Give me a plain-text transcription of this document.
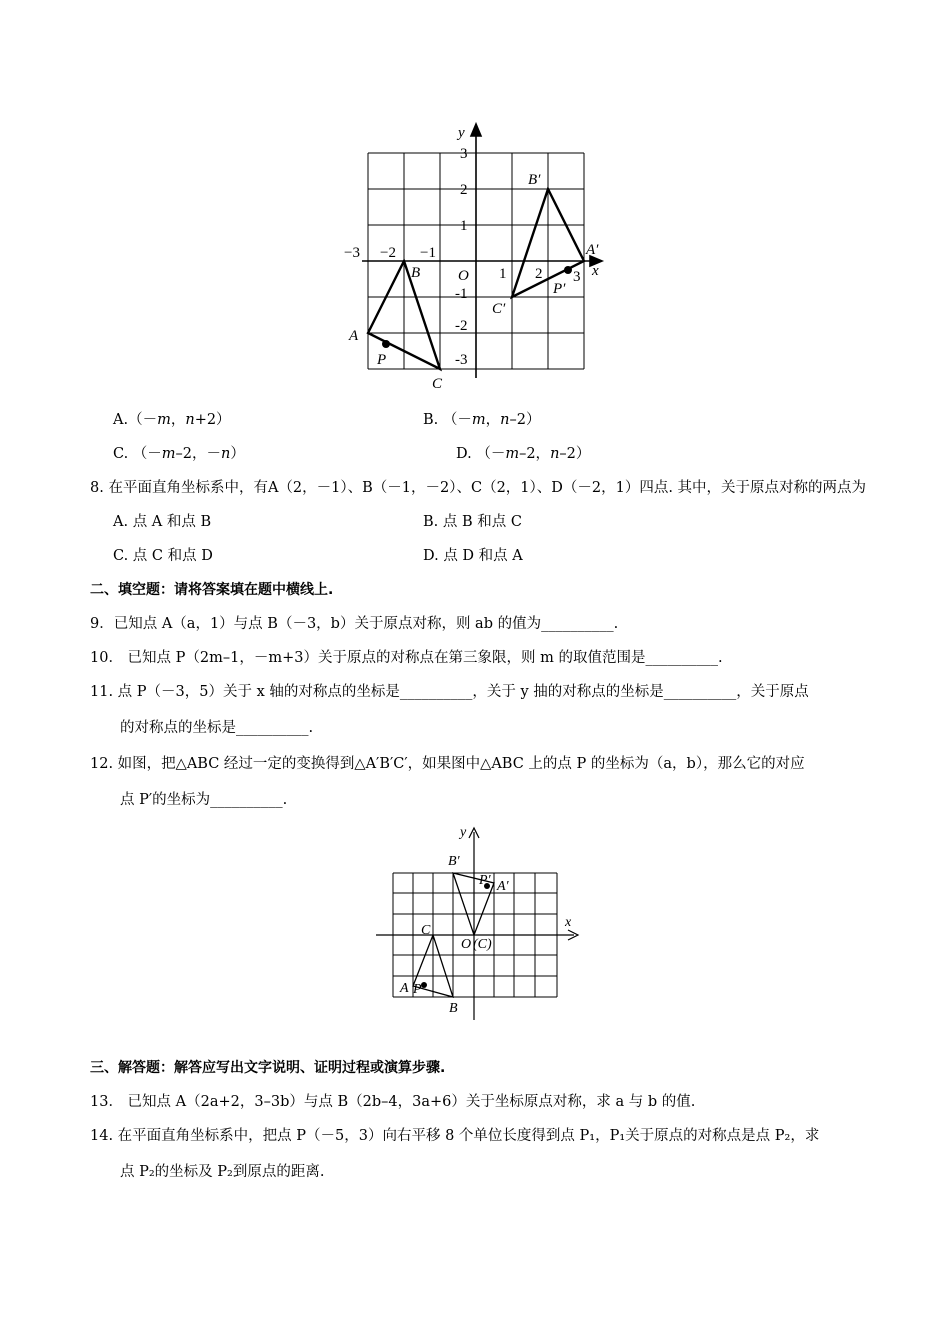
y
x
3
2
1
-1
-2
-3
−3 −2 −1
O 1 2 3
A
B
C
P
A′
B′
C′
P′
A.（－m，n+2）	B. （－m，n–2）
C. （－m–2，－n）	D. （－m–2，n–2）
8. 在平面直角坐标系中，有A（2，－1）、B（－1，－2）、C（2，1）、D（－2，1）四点. 其中，关于原点对称的两点为
A. 点 A 和点 B	B. 点 B 和点 C
C. 点 C 和点 D	D. 点 D 和点 A
二、填空题：请将答案填在题中横线上.
9．已知点 A（a，1）与点 B（－3，b）关于原点对称，则 ab 的值为__________.
10． 已知点 P（2m–1，－m+3）关于原点的对称点在第三象限，则 m 的取值范围是__________.
11. 点 P（－3，5）关于 x 轴的对称点的坐标是__________，关于 y 抽的对称点的坐标是__________，关于原点
的对称点的坐标是__________.
12. 如图，把△ABC 经过一定的变换得到△A′B′C′，如果图中△ABC 上的点 P 的坐标为（a，b），那么它的对应
点 P′的坐标为__________.
y
x
B′
P′ A′
C
O (C)
A P
B
三、解答题：解答应写出文字说明、证明过程或演算步骤.
13． 已知点 A（2a+2，3–3b）与点 B（2b–4，3a+6）关于坐标原点对称，求 a 与 b 的值.
14. 在平面直角坐标系中，把点 P（－5，3）向右平移 8 个单位长度得到点 P₁，P₁关于原点的对称点是点 P₂，求
点 P₂的坐标及 P₂到原点的距离.
